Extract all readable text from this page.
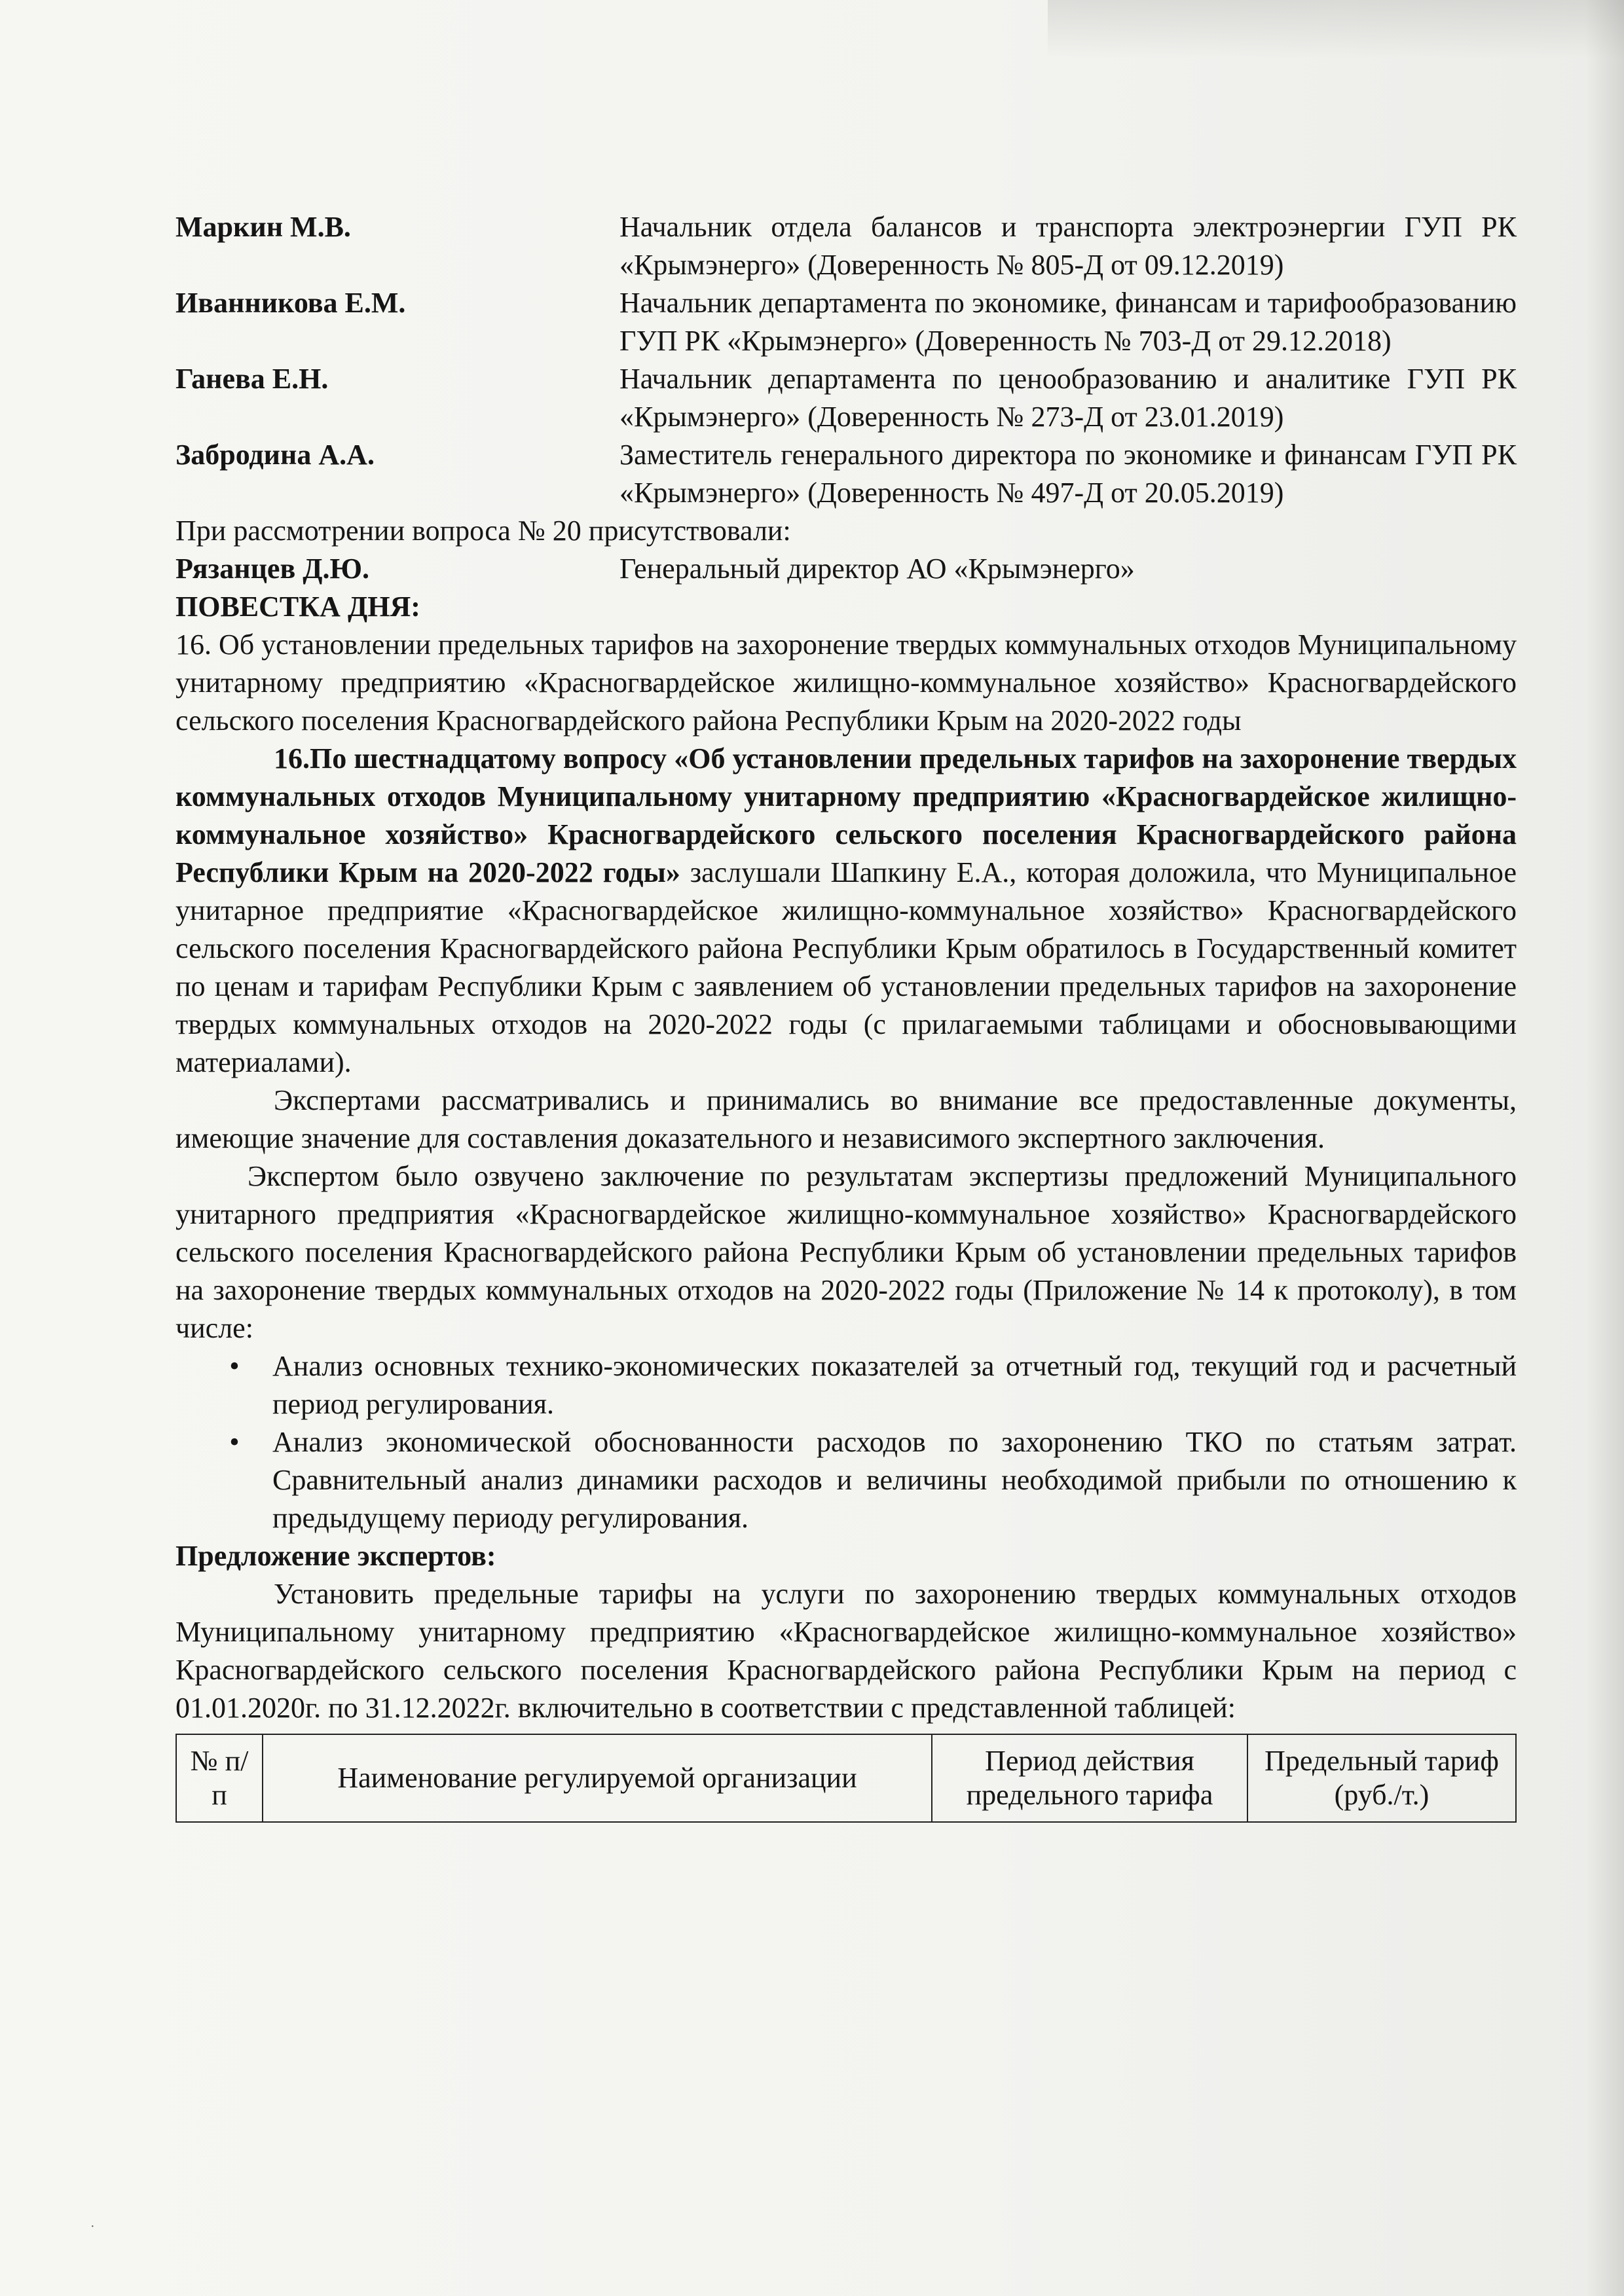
Маркин М.В.	Начальник отдела балансов и транспорта электроэнергии ГУП РК «Крымэнерго» (Доверенность № 805-Д от 09.12.2019)
Иванникова Е.М.	Начальник департамента по экономике, финансам и тарифообразованию ГУП РК «Крымэнерго» (Доверенность № 703-Д от 29.12.2018)
Ганева Е.Н.	Начальник департамента по ценообразованию и аналитике ГУП РК «Крымэнерго» (Доверенность № 273-Д от 23.01.2019)
Забродина А.А.	Заместитель генерального директора по экономике и финансам ГУП РК «Крымэнерго» (Доверенность № 497-Д от 20.05.2019)

При рассмотрении вопроса № 20 присутствовали:

Рязанцев Д.Ю.	Генеральный директор АО «Крымэнерго»

ПОВЕСТКА ДНЯ:

16. Об установлении предельных тарифов на захоронение твердых коммунальных отходов Муниципальному унитарному предприятию «Красногвардейское жилищно-коммунальное хозяйство» Красногвардейского сельского поселения Красногвардейского района Республики Крым на 2020-2022 годы

16.По шестнадцатому вопросу «Об установлении предельных тарифов на захоронение твердых коммунальных отходов Муниципальному унитарному предприятию «Красногвардейское жилищно-коммунальное хозяйство» Красногвардейского сельского поселения Красногвардейского района Республики Крым на 2020-2022 годы» заслушали Шапкину Е.А., которая доложила, что Муниципальное унитарное предприятие «Красногвардейское жилищно-коммунальное хозяйство» Красногвардейского сельского поселения Красногвардейского района Республики Крым обратилось в Государственный комитет по ценам и тарифам Республики Крым с заявлением об установлении предельных тарифов на захоронение твердых коммунальных отходов на 2020-2022 годы (с прилагаемыми таблицами и обосновывающими материалами).

Экспертами рассматривались и принимались во внимание все предоставленные документы, имеющие значение для составления доказательного и независимого экспертного заключения.

Экспертом было озвучено заключение по результатам экспертизы предложений Муниципального унитарного предприятия «Красногвардейское жилищно-коммунальное хозяйство» Красногвардейского сельского поселения Красногвардейского района Республики Крым об установлении предельных тарифов на захоронение твердых коммунальных отходов на 2020-2022 годы (Приложение № 14 к протоколу), в том числе:

• Анализ основных технико-экономических показателей за отчетный год, текущий год и расчетный период регулирования.
• Анализ экономической обоснованности расходов по захоронению ТКО по статьям затрат. Сравнительный анализ динамики расходов и величины необходимой прибыли по отношению к предыдущему периоду регулирования.

Предложение экспертов:

Установить предельные тарифы на услуги по захоронению твердых коммунальных отходов Муниципальному унитарному предприятию «Красногвардейское жилищно-коммунальное хозяйство» Красногвардейского сельского поселения Красногвардейского района Республики Крым на период с 01.01.2020г. по 31.12.2022г. включительно в соответствии с представленной таблицей:

№ п/п	Наименование регулируемой организации	Период действия предельного тарифа	Предельный тариф (руб./т.)
·
